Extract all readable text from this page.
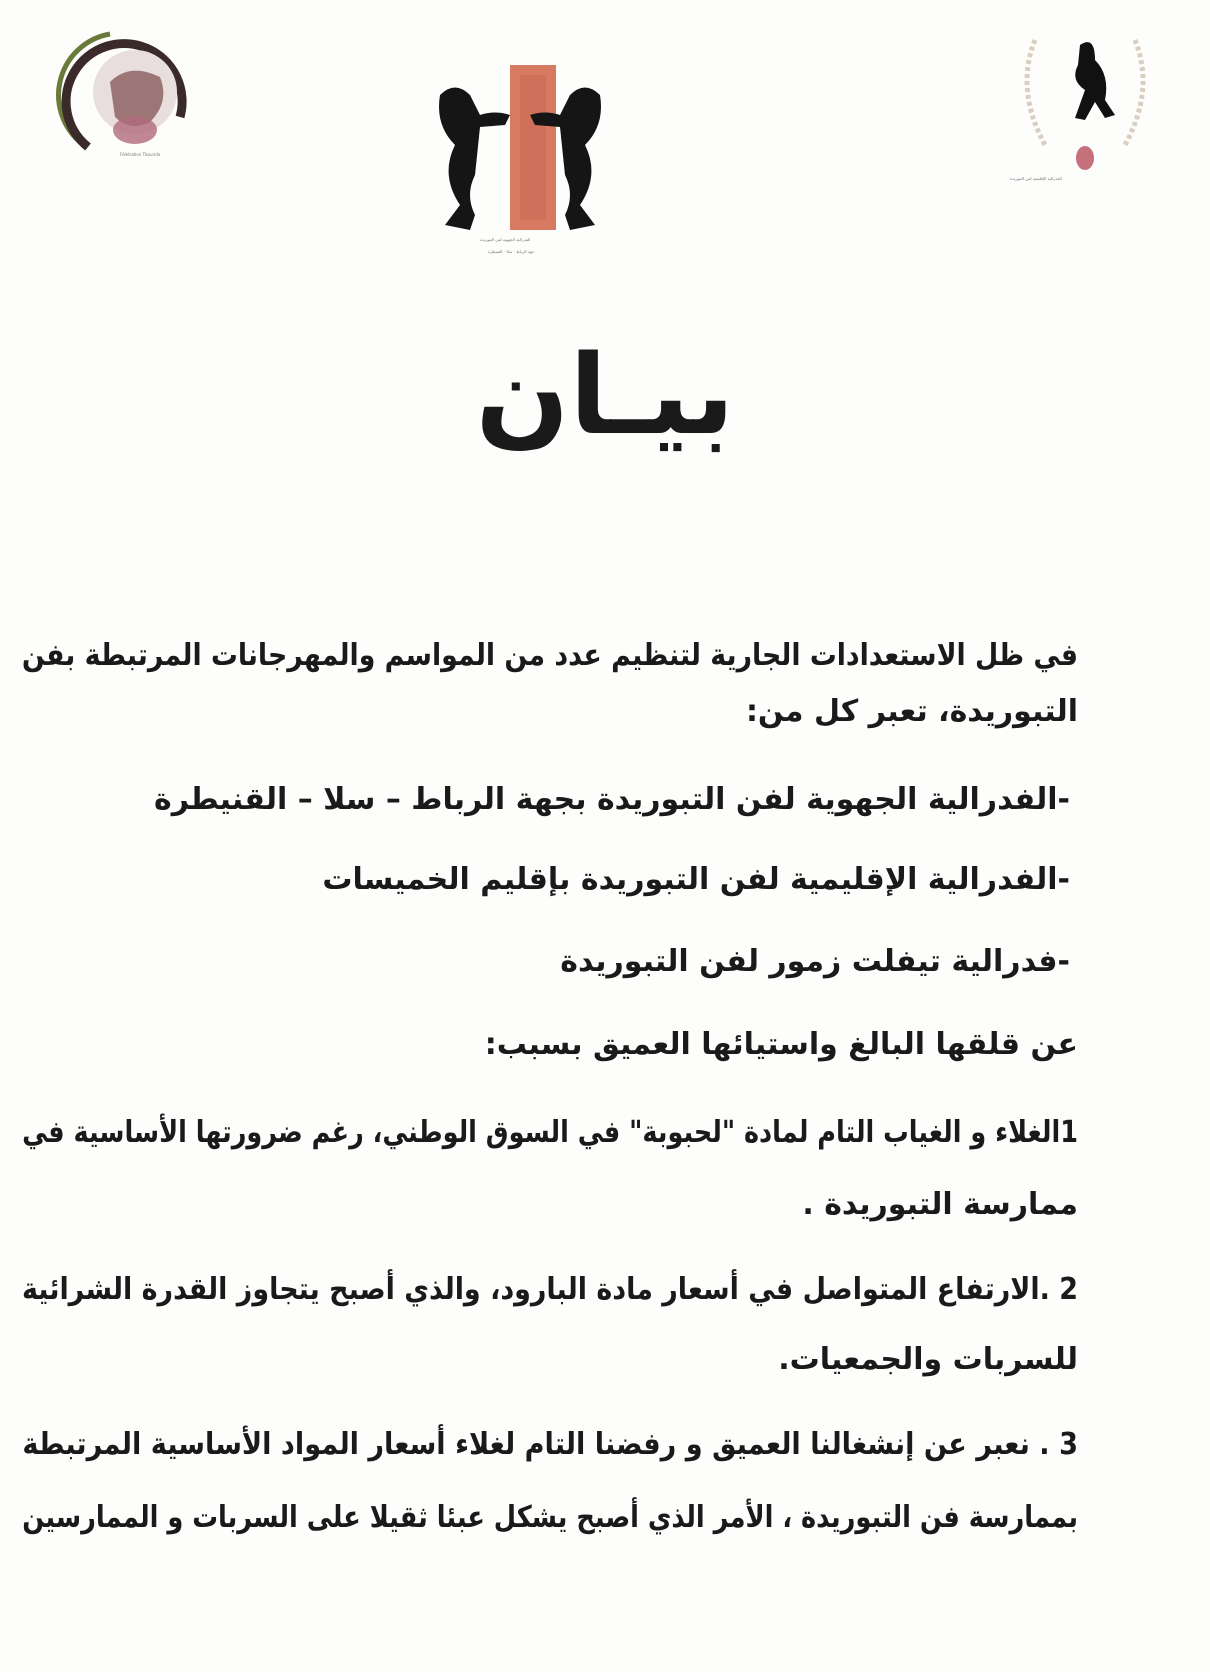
Fédération Tbourida
الفدرالية الجهوية لفن التبوريدة
جهة الرباط - سلا - القنيطرة
الفدرالية الإقليمية لفن التبوريدة
بيـان
في ظل الاستعدادات الجارية لتنظيم عدد من المواسم والمهرجانات المرتبطة بفن
التبوريدة، تعبر كل من:
-الفدرالية الجهوية لفن التبوريدة بجهة الرباط – سلا – القنيطرة
-الفدرالية الإقليمية لفن التبوريدة بإقليم الخميسات
-فدرالية تيفلت زمور لفن التبوريدة
عن قلقها البالغ واستيائها العميق بسبب:
1الغلاء و الغياب التام لمادة "لحبوبة" في السوق الوطني، رغم ضرورتها الأساسية في
ممارسة التبوريدة .
2 .الارتفاع المتواصل في أسعار مادة البارود، والذي أصبح يتجاوز القدرة الشرائية
للسربات والجمعيات.
3 . نعبر عن إنشغالنا العميق و رفضنا التام لغلاء أسعار المواد الأساسية المرتبطة
بممارسة فن التبوريدة ، الأمر الذي أصبح يشكل عبئا ثقيلا على السربات و الممارسين
